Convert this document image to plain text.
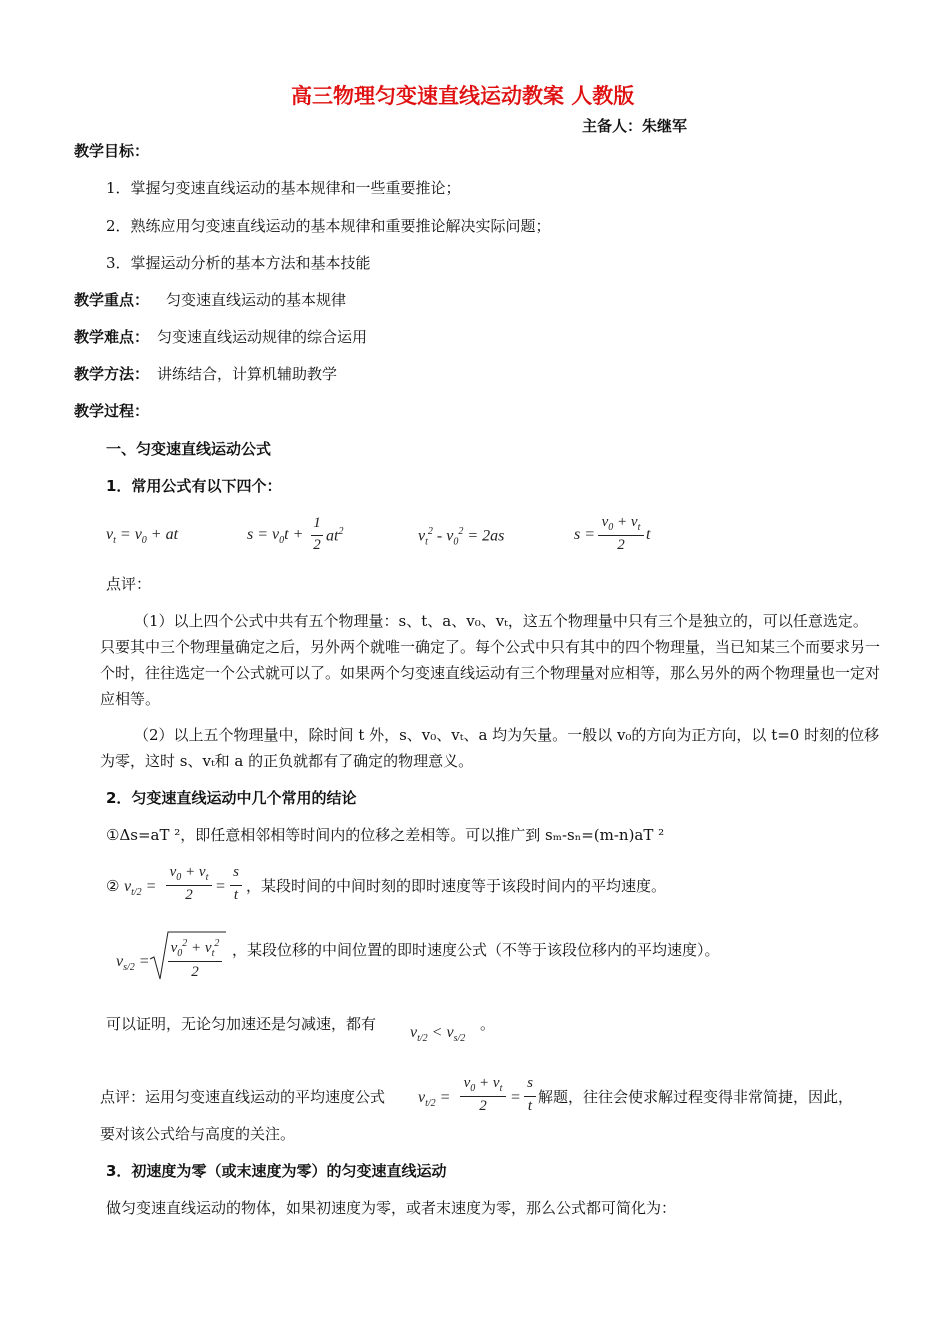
高三物理匀变速直线运动教案 人教版
主备人：朱继军
教学目标：
1．掌握匀变速直线运动的基本规律和一些重要推论；
2．熟练应用匀变速直线运动的基本规律和重要推论解决实际问题；
3．掌握运动分析的基本方法和基本技能
教学重点： 匀变速直线运动的基本规律
教学难点： 匀变速直线运动规律的综合运用
教学方法： 讲练结合，计算机辅助教学
教学过程：
一、匀变速直线运动公式
1．常用公式有以下四个：
$v_t = v_0$ + at	$s = v_0t$ +
1
2
$at^2$	$v_t^2 - v_0^2 = 2as$	s =
$v_0 + v_t$
2
t
点评：
（1）以上四个公式中共有五个物理量：s、t、a、v₀、vₜ，这五个物理量中只有三个是独立的，可以任意选定。只要其中三个物理量确定之后，另外两个就唯一确定了。每个公式中只有其中的四个物理量，当已知某三个而要求另一个时，往往选定一个公式就可以了。如果两个匀变速直线运动有三个物理量对应相等，那么另外的两个物理量也一定对应相等。
（2）以上五个物理量中，除时间 t 外，s、v₀、vₜ、a 均为矢量。一般以 v₀的方向为正方向，以 t=0 时刻的位移为零，这时 s、vₜ和 a 的正负就都有了确定的物理意义。
2．匀变速直线运动中几个常用的结论
①Δs=aT ²，即任意相邻相等时间内的位移之差相等。可以推广到 sₘ-sₙ=(m-n)aT ²
② $v_{t/2}$ =
$v_0 + v_t$
2	=
s
t ，某段时间的中间时刻的即时速度等于该段时间内的平均速度。
$v_{s/2}$ =
$v_0^2 + v_t^2$
2
，某段位移的中间位置的即时速度公式（不等于该段位移内的平均速度）。
可以证明，无论匀加速还是匀减速，都有 $v_{t/2} < v_{s/2}$
。
点评：运用匀变速直线运动的平均速度公式 $v_{t/2}$ =
$v_0 + v_t$
2	=
s
t 解题，往往会使求解过程变得非常简捷，因此，
要对该公式给与高度的关注。
3．初速度为零（或末速度为零）的匀变速直线运动
做匀变速直线运动的物体，如果初速度为零，或者末速度为零，那么公式都可简化为：
